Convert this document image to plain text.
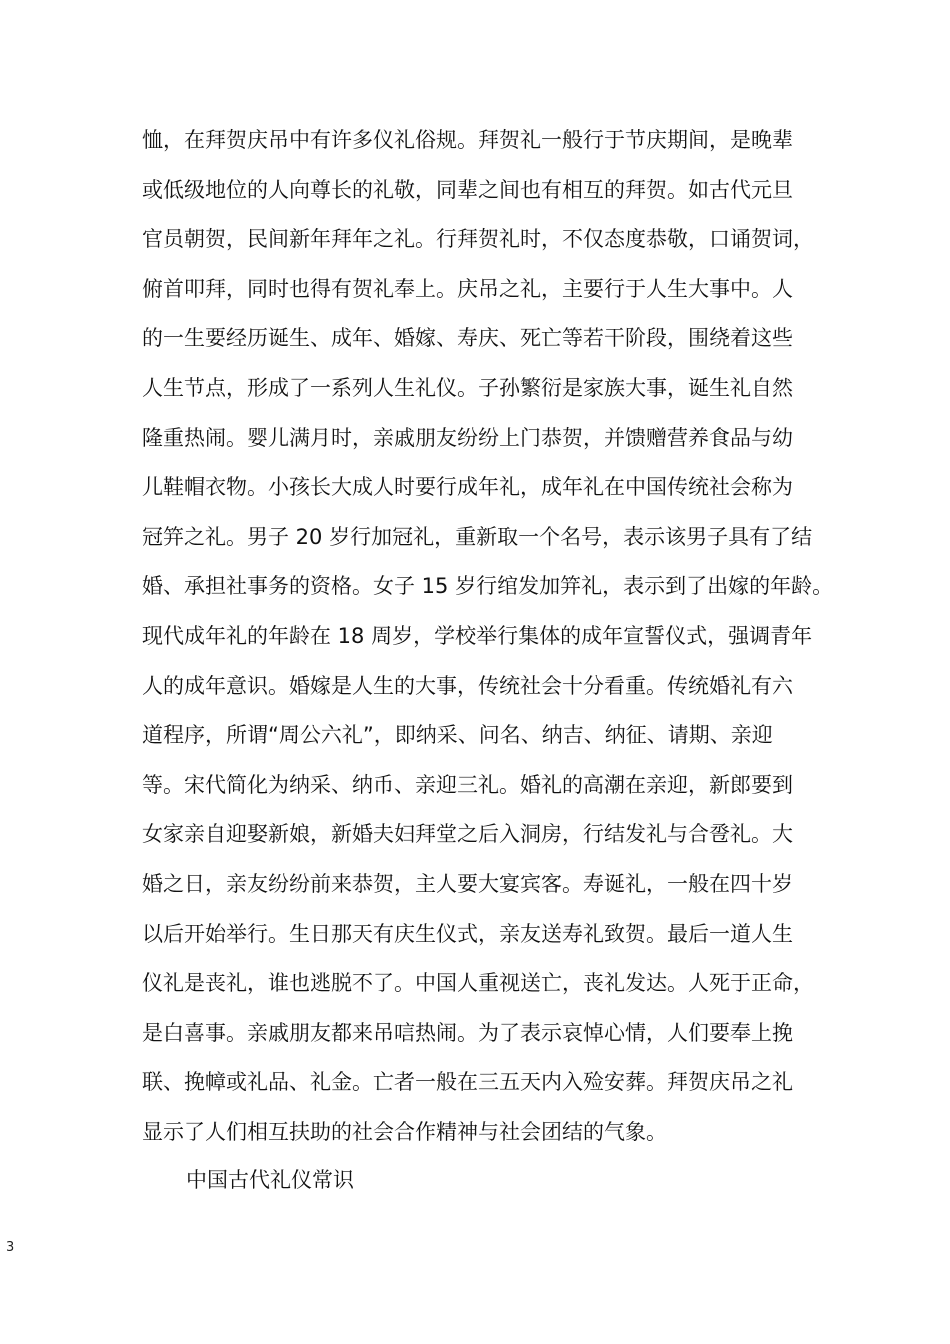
恤，在拜贺庆吊中有许多仪礼俗规。拜贺礼一般行于节庆期间，是晚辈
或低级地位的人向尊长的礼敬，同辈之间也有相互的拜贺。如古代元旦
官员朝贺，民间新年拜年之礼。行拜贺礼时，不仅态度恭敬，口诵贺词，
俯首叩拜，同时也得有贺礼奉上。庆吊之礼，主要行于人生大事中。人
的一生要经历诞生、成年、婚嫁、寿庆、死亡等若干阶段，围绕着这些
人生节点，形成了一系列人生礼仪。子孙繁衍是家族大事，诞生礼自然
隆重热闹。婴儿满月时，亲戚朋友纷纷上门恭贺，并馈赠营养食品与幼
儿鞋帽衣物。小孩长大成人时要行成年礼，成年礼在中国传统社会称为
冠笄之礼。男子 20 岁行加冠礼，重新取一个名号，表示该男子具有了结
婚、承担社事务的资格。女子 15 岁行绾发加笄礼，表示到了出嫁的年龄。
现代成年礼的年龄在 18 周岁，学校举行集体的成年宣誓仪式，强调青年
人的成年意识。婚嫁是人生的大事，传统社会十分看重。传统婚礼有六
道程序，所谓“周公六礼”，即纳采、问名、纳吉、纳征、请期、亲迎
等。宋代简化为纳采、纳币、亲迎三礼。婚礼的高潮在亲迎，新郎要到
女家亲自迎娶新娘，新婚夫妇拜堂之后入洞房，行结发礼与合卺礼。大
婚之日，亲友纷纷前来恭贺，主人要大宴宾客。寿诞礼，一般在四十岁
以后开始举行。生日那天有庆生仪式，亲友送寿礼致贺。最后一道人生
仪礼是丧礼，谁也逃脱不了。中国人重视送亡，丧礼发达。人死于正命，
是白喜事。亲戚朋友都来吊唁热闹。为了表示哀悼心情，人们要奉上挽
联、挽幛或礼品、礼金。亡者一般在三五天内入殓安葬。拜贺庆吊之礼
显示了人们相互扶助的社会合作精神与社会团结的气象。
中国古代礼仪常识
3
